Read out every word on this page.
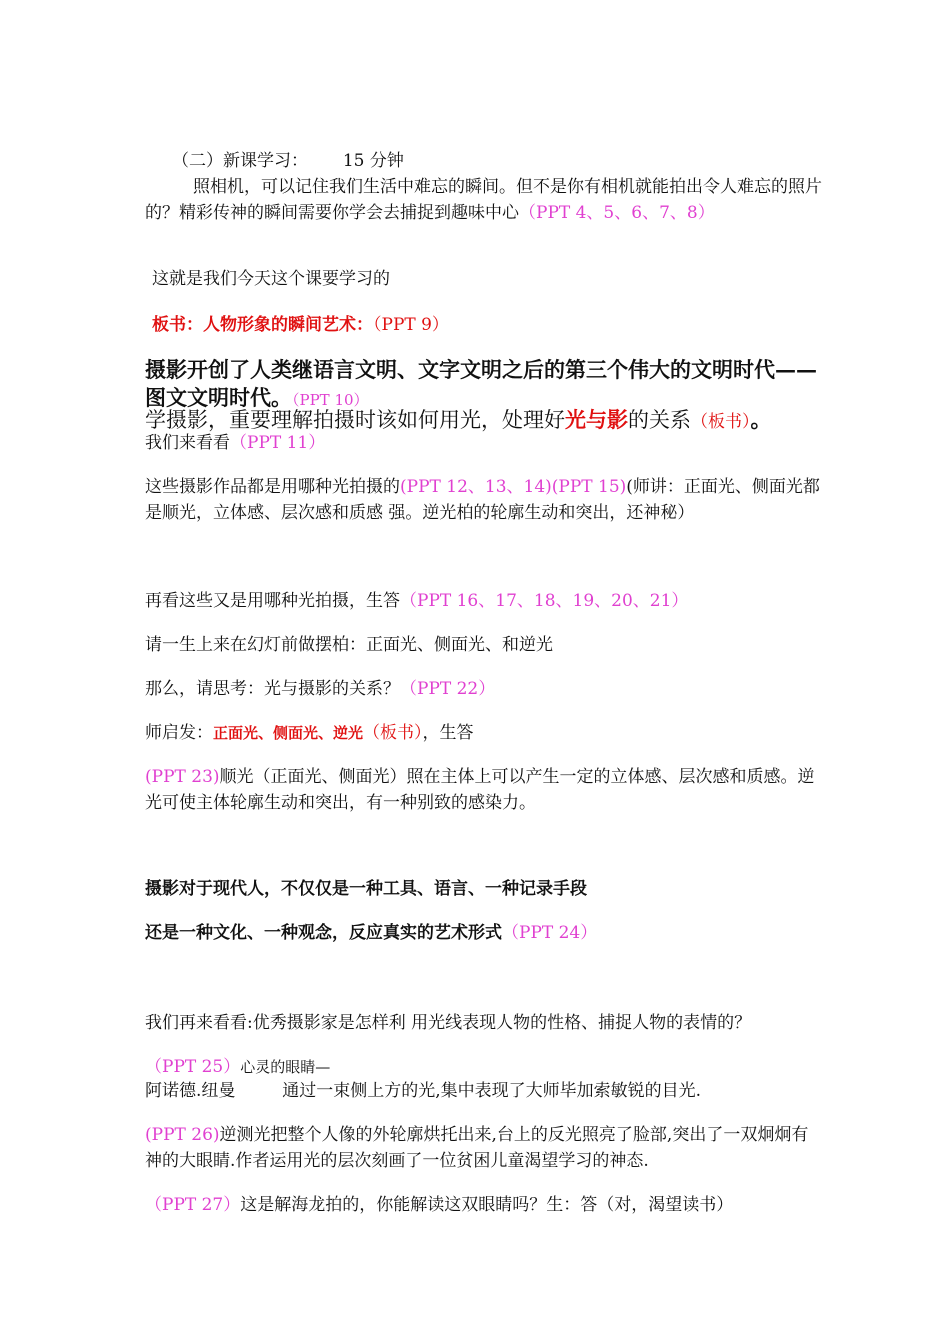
（二）新课学习： 15 分钟
照相机，可以记住我们生活中难忘的瞬间。但不是你有相机就能拍出令人难忘的照片的？精彩传神的瞬间需要你学会去捕捉到趣味中心（PPT 4、5、6、7、8）
这就是我们今天这个课要学习的
板书：人物形象的瞬间艺术：（PPT 9）
摄影开创了人类继语言文明、文字文明之后的第三个伟大的文明时代——图文文明时代。（PPT 10）
学摄影，重要理解拍摄时该如何用光，处理好光与影的关系（板书）。
我们来看看（PPT 11）
这些摄影作品都是用哪种光拍摄的(PPT 12、13、14)(PPT 15)(师讲：正面光、侧面光都是顺光，立体感、层次感和质感 强。逆光柏的轮廓生动和突出，还神秘）
再看这些又是用哪种光拍摄，生答（PPT 16、17、18、19、20、21）
请一生上来在幻灯前做摆柏：正面光、侧面光、和逆光
那么，请思考：光与摄影的关系？（PPT 22）
师启发：正面光、侧面光、逆光（板书），生答
(PPT 23)顺光（正面光、侧面光）照在主体上可以产生一定的立体感、层次感和质感。逆光可使主体轮廓生动和突出，有一种别致的感染力。
摄影对于现代人，不仅仅是一种工具、语言、一种记录手段
还是一种文化、一种观念，反应真实的艺术形式（PPT 24）
我们再来看看:优秀摄影家是怎样利 用光线表现人物的性格、捕捉人物的表情的？
（PPT 25）心灵的眼睛—
阿诺德.纽曼	通过一束侧上方的光,集中表现了大师毕加索敏锐的目光.
(PPT 26)逆测光把整个人像的外轮廓烘托出来,台上的反光照亮了脸部,突出了一双炯炯有神的大眼睛.作者运用光的层次刻画了一位贫困儿童渴望学习的神态.
（PPT 27）这是解海龙拍的，你能解读这双眼睛吗？生：答（对，渴望读书）
